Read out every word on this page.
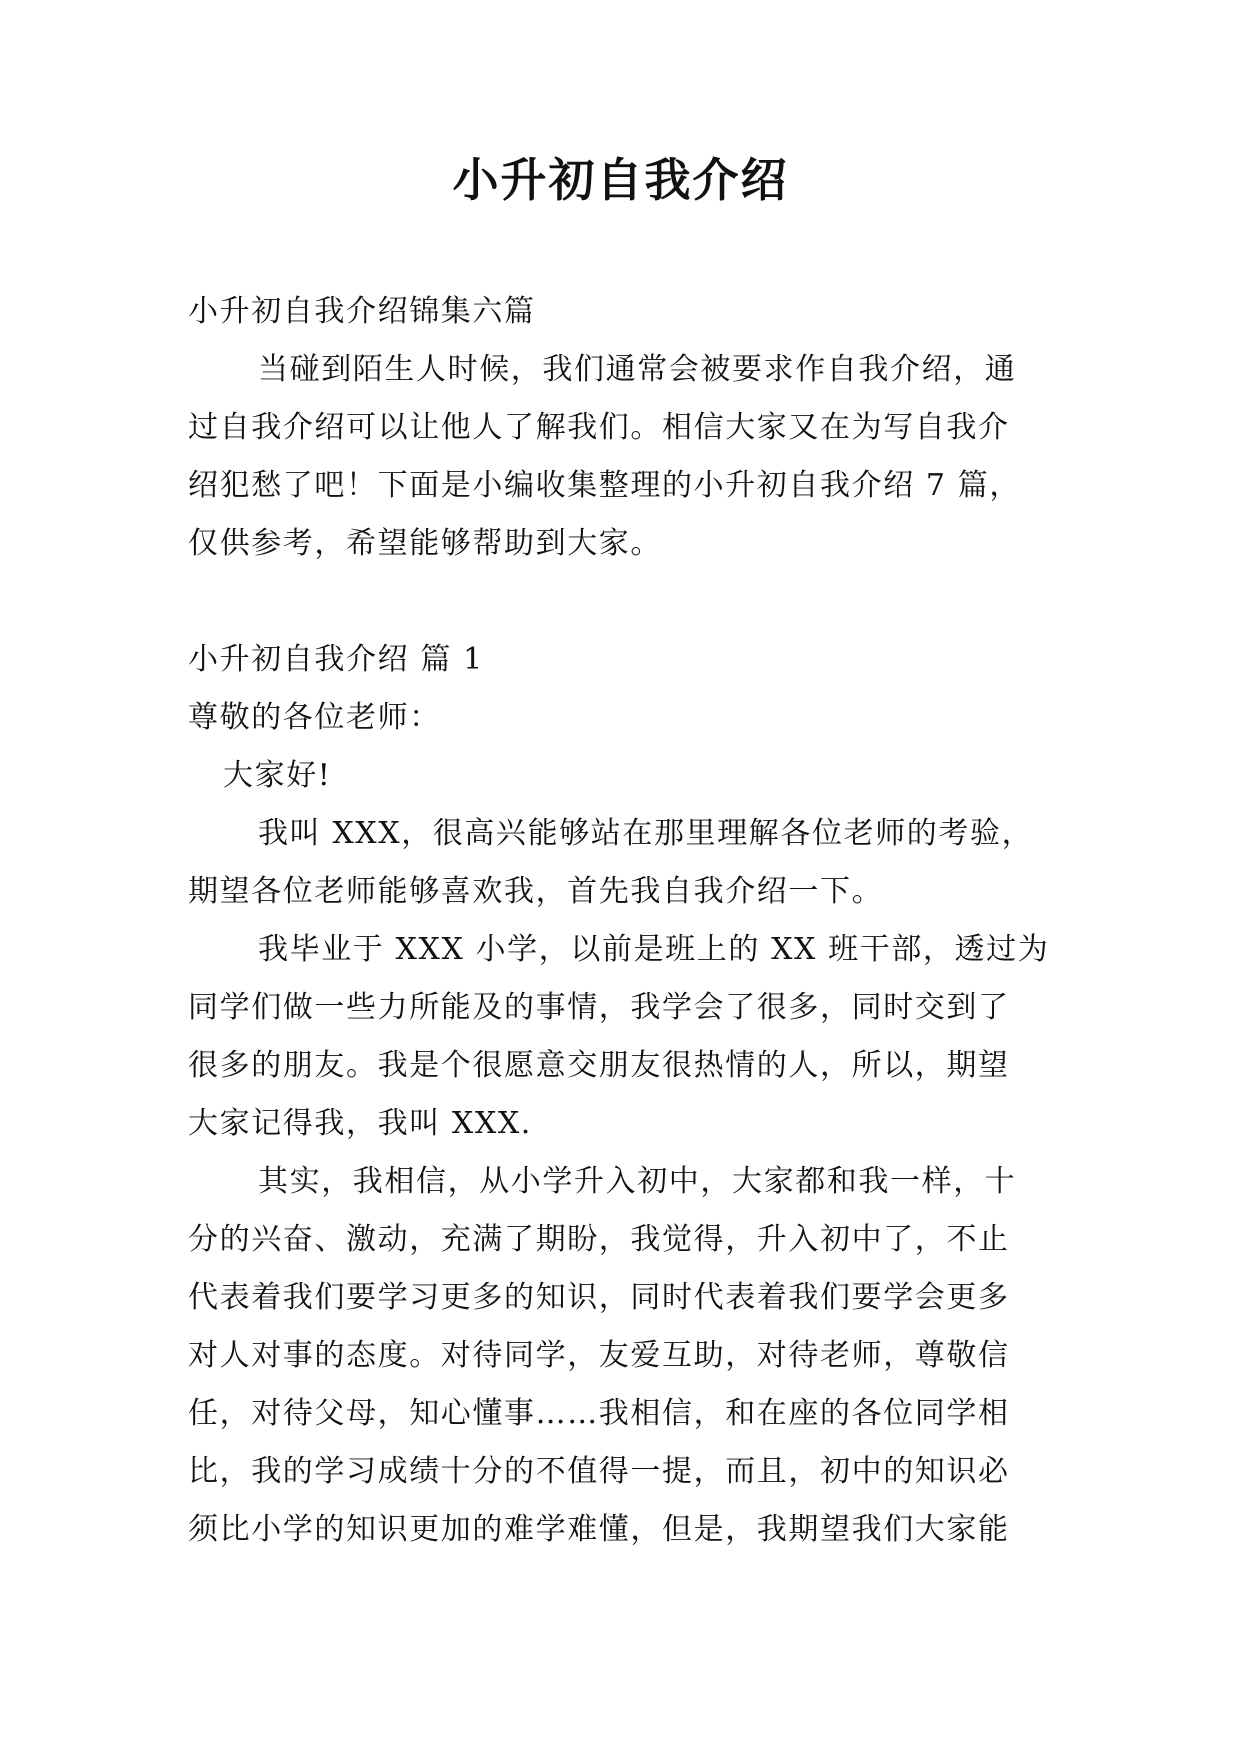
小升初自我介绍

小升初自我介绍锦集六篇

当碰到陌生人时候，我们通常会被要求作自我介绍，通

过自我介绍可以让他人了解我们。相信大家又在为写自我介

绍犯愁了吧！下面是小编收集整理的小升初自我介绍 7 篇，

仅供参考，希望能够帮助到大家。

小升初自我介绍 篇 1

尊敬的各位老师：

大家好!

我叫 XXX，很高兴能够站在那里理解各位老师的考验，

期望各位老师能够喜欢我，首先我自我介绍一下。

我毕业于 XXX 小学，以前是班上的 XX 班干部，透过为

同学们做一些力所能及的事情，我学会了很多，同时交到了

很多的朋友。我是个很愿意交朋友很热情的人，所以，期望

大家记得我，我叫 XXX.

其实，我相信，从小学升入初中，大家都和我一样，十

分的兴奋、激动，充满了期盼，我觉得，升入初中了，不止

代表着我们要学习更多的知识，同时代表着我们要学会更多

对人对事的态度。对待同学，友爱互助，对待老师，尊敬信

任，对待父母，知心懂事……我相信，和在座的各位同学相

比，我的学习成绩十分的不值得一提，而且，初中的知识必

须比小学的知识更加的难学难懂，但是，我期望我们大家能
